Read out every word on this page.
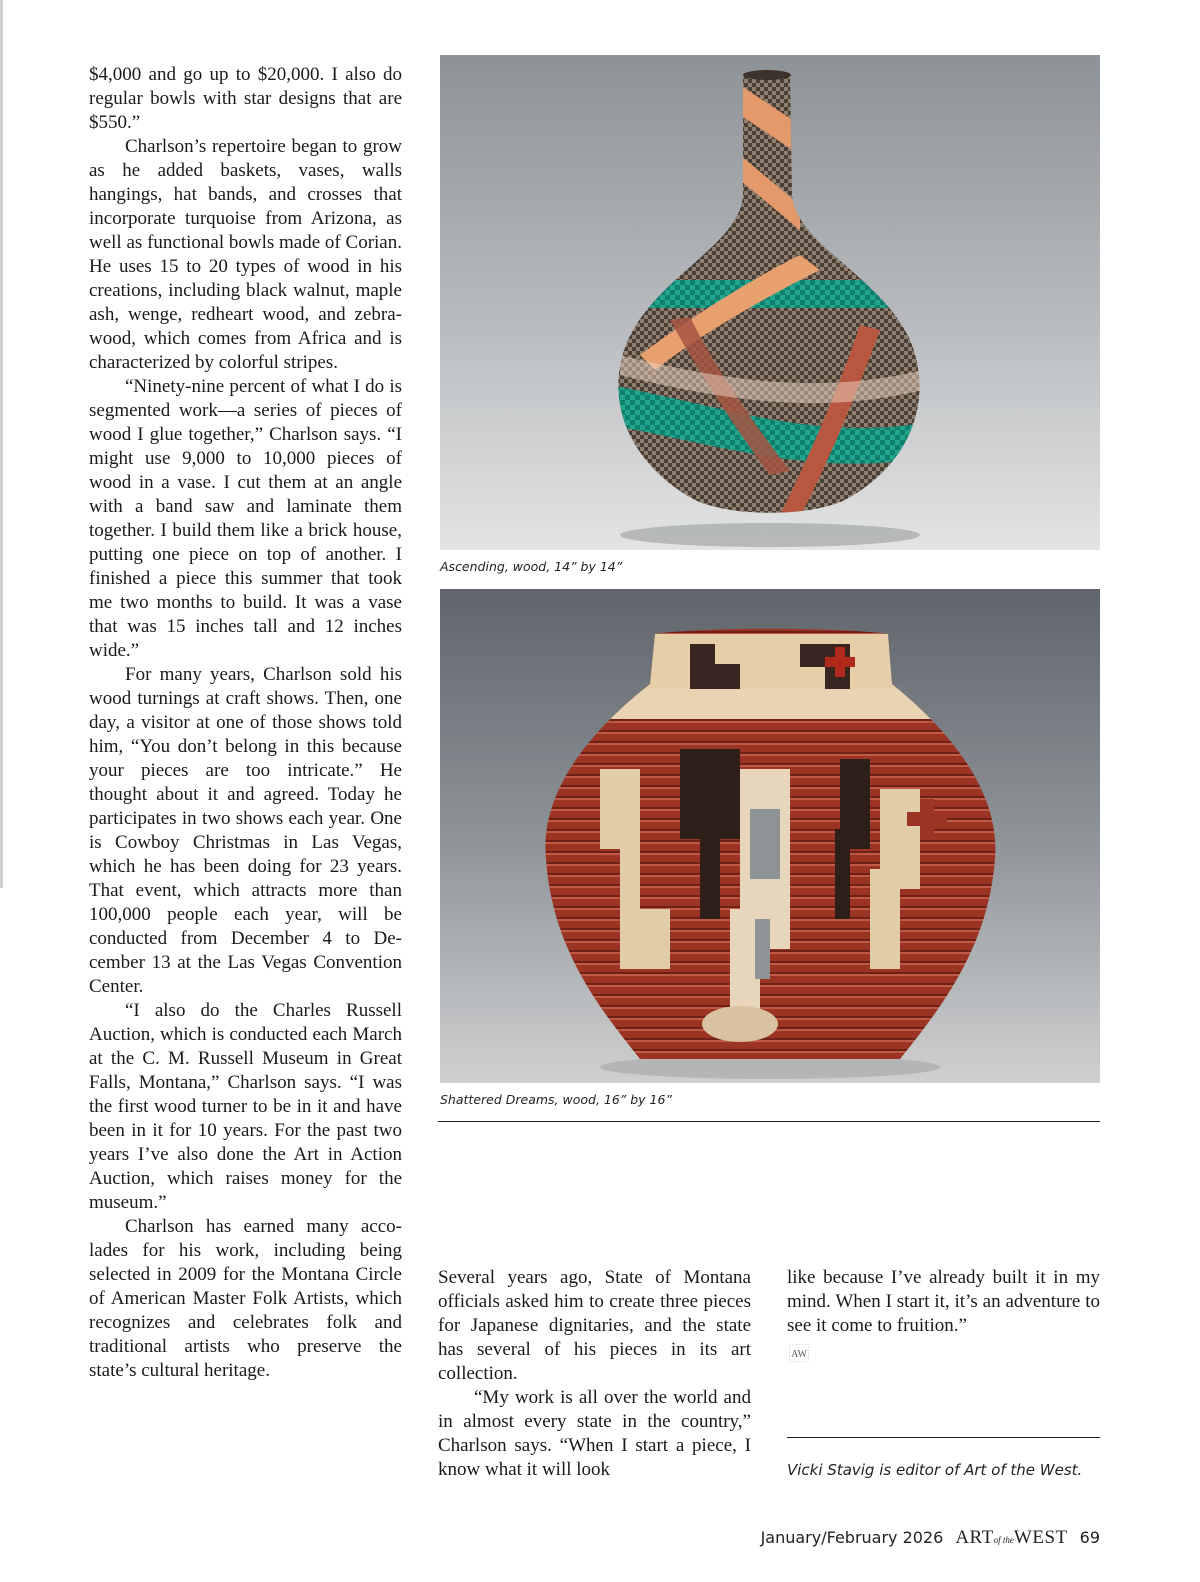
$4,000 and go up to $20,000. I also do regular bowls with star designs that are $550.”

Charlson’s repertoire began to grow as he added baskets, vases, walls hangings, hat bands, and crosses that incorporate turquoise from Arizona, as well as functional bowls made of Corian. He uses 15 to 20 types of wood in his creations, including black walnut, maple ash, wenge, redheart wood, and zebrawood, which comes from Africa and is characterized by colorful stripes.

“Ninety-nine percent of what I do is segmented work—a series of pieces of wood I glue together,” Charlson says. “I might use 9,000 to 10,000 pieces of wood in a vase. I cut them at an angle with a band saw and laminate them together. I build them like a brick house, putting one piece on top of another. I finished a piece this summer that took me two months to build. It was a vase that was 15 inches tall and 12 inches wide.”

For many years, Charlson sold his wood turnings at craft shows. Then, one day, a visitor at one of those shows told him, “You don’t belong in this because your pieces are too intricate.” He thought about it and agreed. Today he participates in two shows each year. One is Cowboy Christmas in Las Vegas, which he has been doing for 23 years. That event, which attracts more than 100,000 people each year, will be conducted from December 4 to December 13 at the Las Vegas Convention Center.

“I also do the Charles Russell Auction, which is conducted each March at the C. M. Russell Museum in Great Falls, Montana,” Charlson says. “I was the first wood turner to be in it and have been in it for 10 years. For the past two years I’ve also done the Art in Action Auction, which raises money for the museum.”

Charlson has earned many accolades for his work, including being selected in 2009 for the Montana Circle of American Master Folk Artists, which recognizes and celebrates folk and traditional artists who preserve the state’s cultural heritage.

Ascending, wood, 14” by 14”
Shattered Dreams, wood, 16” by 16”

Several years ago, State of Montana officials asked him to create three pieces for Japanese dignitaries, and the state has several of his pieces in its art collection.

“My work is all over the world and in almost every state in the country,” Charlson says. “When I start a piece, I know what it will look

like because I’ve already built it in my mind. When I start it, it’s an adventure to see it come to fruition.”

AW
Vicki Stavig is editor of Art of the West.
January/February 2026 ARTof theWEST 69
